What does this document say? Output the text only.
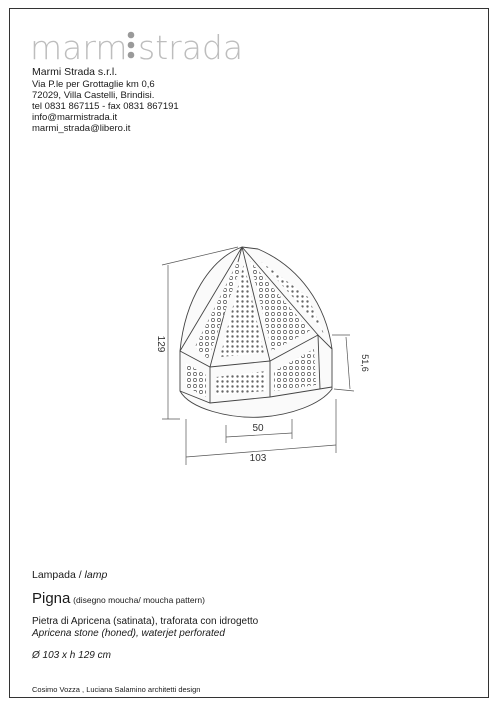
marm strada
Marmi Strada s.r.l.
Via P.le per Grottaglie km 0,6
72029, Villa Castelli, Brindisi.
tel 0831 867115 - fax 0831 867191
info@marmistrada.it
marmi_strada@libero.it
129
51,6
50
103
Lampada / lamp
Pigna (disegno moucha/ moucha pattern)
Pietra di Apricena (satinata), traforata con idrogetto
Apricena stone (honed), waterjet perforated
Ø 103 x h 129 cm
Cosimo Vozza , Luciana Salamino architetti design
